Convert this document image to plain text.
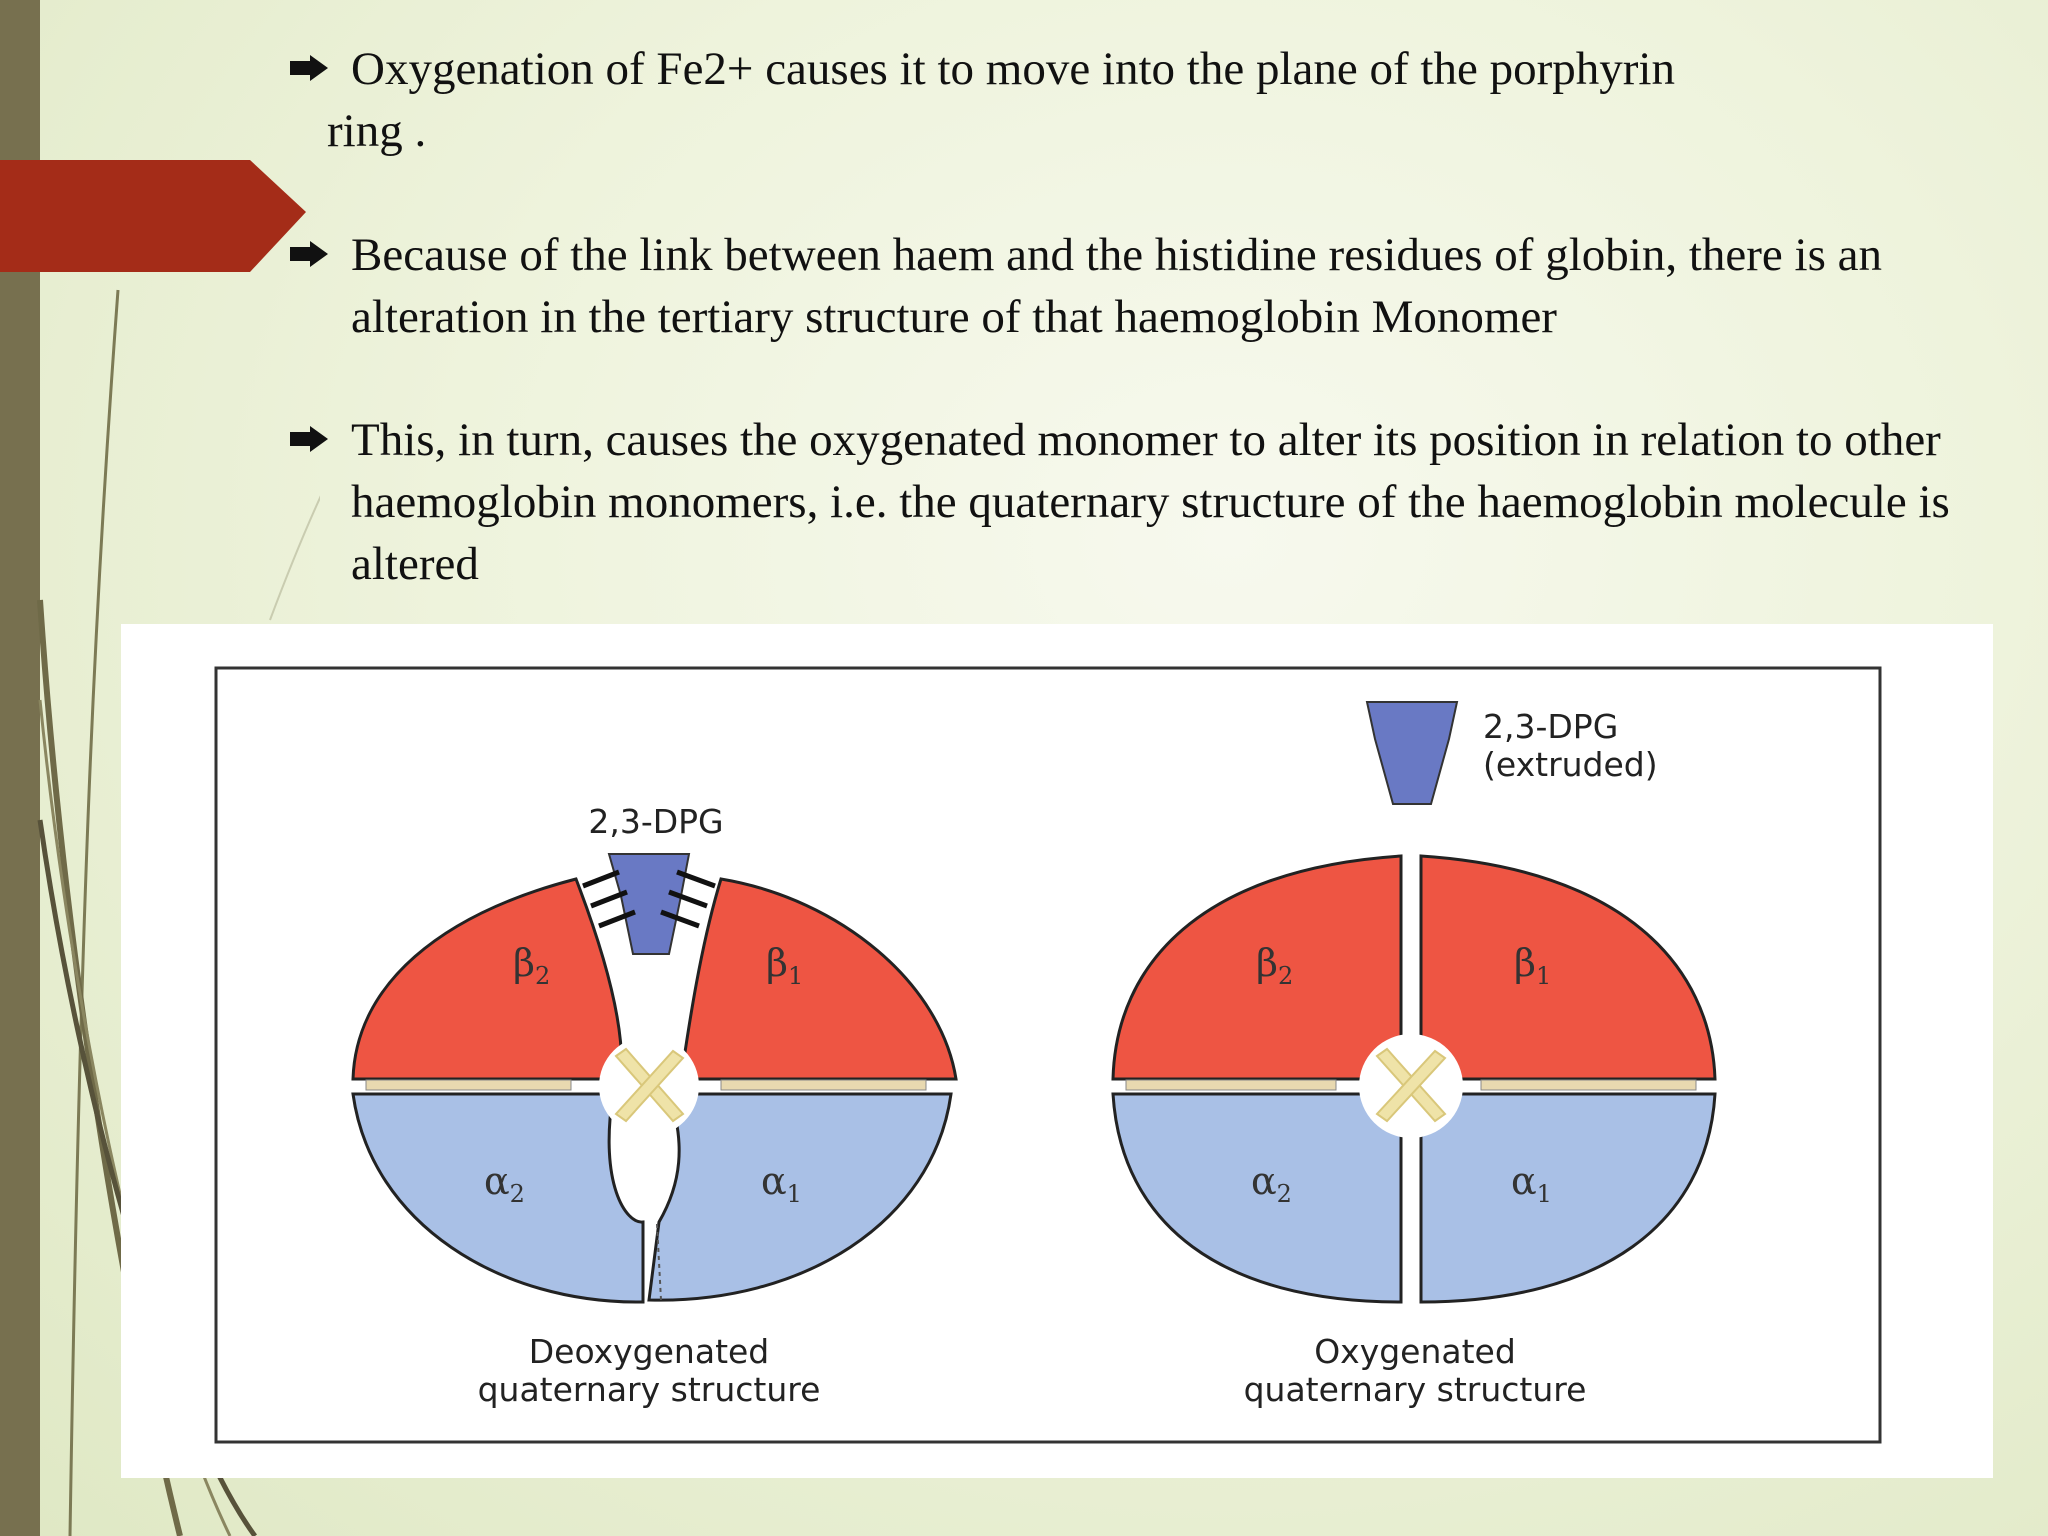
Oxygenation of Fe2+ causes it to move into the plane of the porphyrin
ring .
Because of the link between haem and the histidine residues of globin, there is an alteration in the tertiary structure of that haemoglobin Monomer
This, in turn, causes the oxygenated monomer to alter its position in relation to other haemoglobin monomers, i.e. the quaternary structure of the haemoglobin molecule is altered
2,3-DPG
$\beta_2$	$\beta_1$
$\alpha_2$	$\alpha_1$
Deoxygenated
quaternary structure
2,3-DPG
(extruded)
$\beta_2$	$\beta_1$
$\alpha_2$	$\alpha_1$
Oxygenated
quaternary structure
